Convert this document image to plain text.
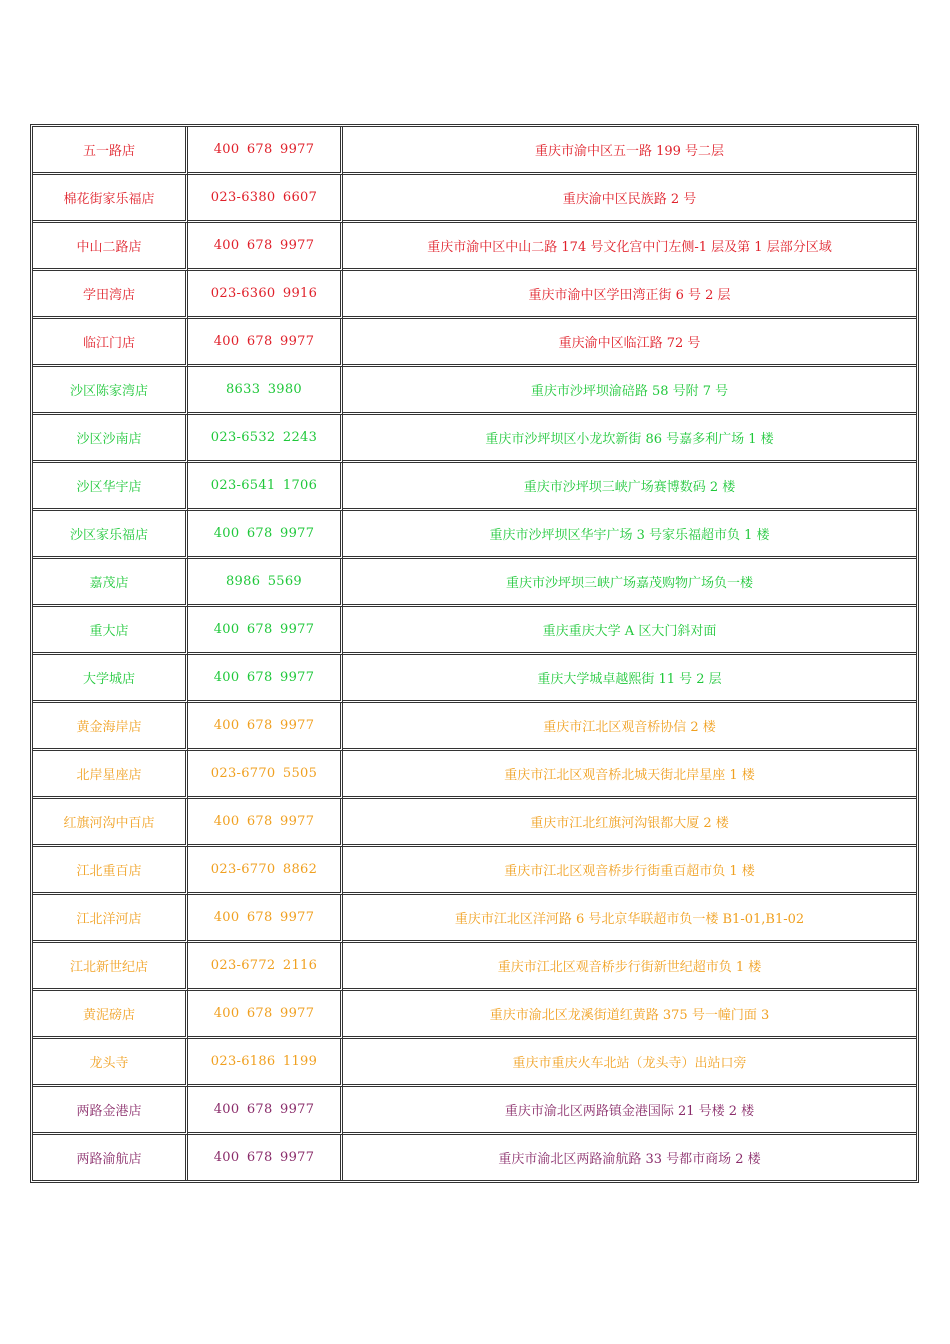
五一路店	400 678 9977	重庆市渝中区五一路 199 号二层
棉花街家乐福店	023-6380 6607	重庆渝中区民族路 2 号
中山二路店	400 678 9977	重庆市渝中区中山二路 174 号文化宫中门左侧-1 层及第 1 层部分区域
学田湾店	023-6360 9916	重庆市渝中区学田湾正街 6 号 2 层
临江门店	400 678 9977	重庆渝中区临江路 72 号
沙区陈家湾店	8633 3980	重庆市沙坪坝渝碚路 58 号附 7 号
沙区沙南店	023-6532 2243	重庆市沙坪坝区小龙坎新街 86 号嘉多利广场 1 楼
沙区华宇店	023-6541 1706	重庆市沙坪坝三峡广场赛博数码 2 楼
沙区家乐福店	400 678 9977	重庆市沙坪坝区华宇广场 3 号家乐福超市负 1 楼
嘉茂店	8986 5569	重庆市沙坪坝三峡广场嘉茂购物广场负一楼
重大店	400 678 9977	重庆重庆大学 A 区大门斜对面
大学城店	400 678 9977	重庆大学城卓越熙街 11 号 2 层
黄金海岸店	400 678 9977	重庆市江北区观音桥协信 2 楼
北岸星座店	023-6770 5505	重庆市江北区观音桥北城天街北岸星座 1 楼
红旗河沟中百店	400 678 9977	重庆市江北红旗河沟银都大厦 2 楼
江北重百店	023-6770 8862	重庆市江北区观音桥步行街重百超市负 1 楼
江北洋河店	400 678 9977	重庆市江北区洋河路 6 号北京华联超市负一楼 B1-01,B1-02
江北新世纪店	023-6772 2116	重庆市江北区观音桥步行街新世纪超市负 1 楼
黄泥磅店	400 678 9977	重庆市渝北区龙溪街道红黄路 375 号一幢门面 3
龙头寺	023-6186 1199	重庆市重庆火车北站（龙头寺）出站口旁
两路金港店	400 678 9977	重庆市渝北区两路镇金港国际 21 号楼 2 楼
两路渝航店	400 678 9977	重庆市渝北区两路渝航路 33 号都市商场 2 楼
